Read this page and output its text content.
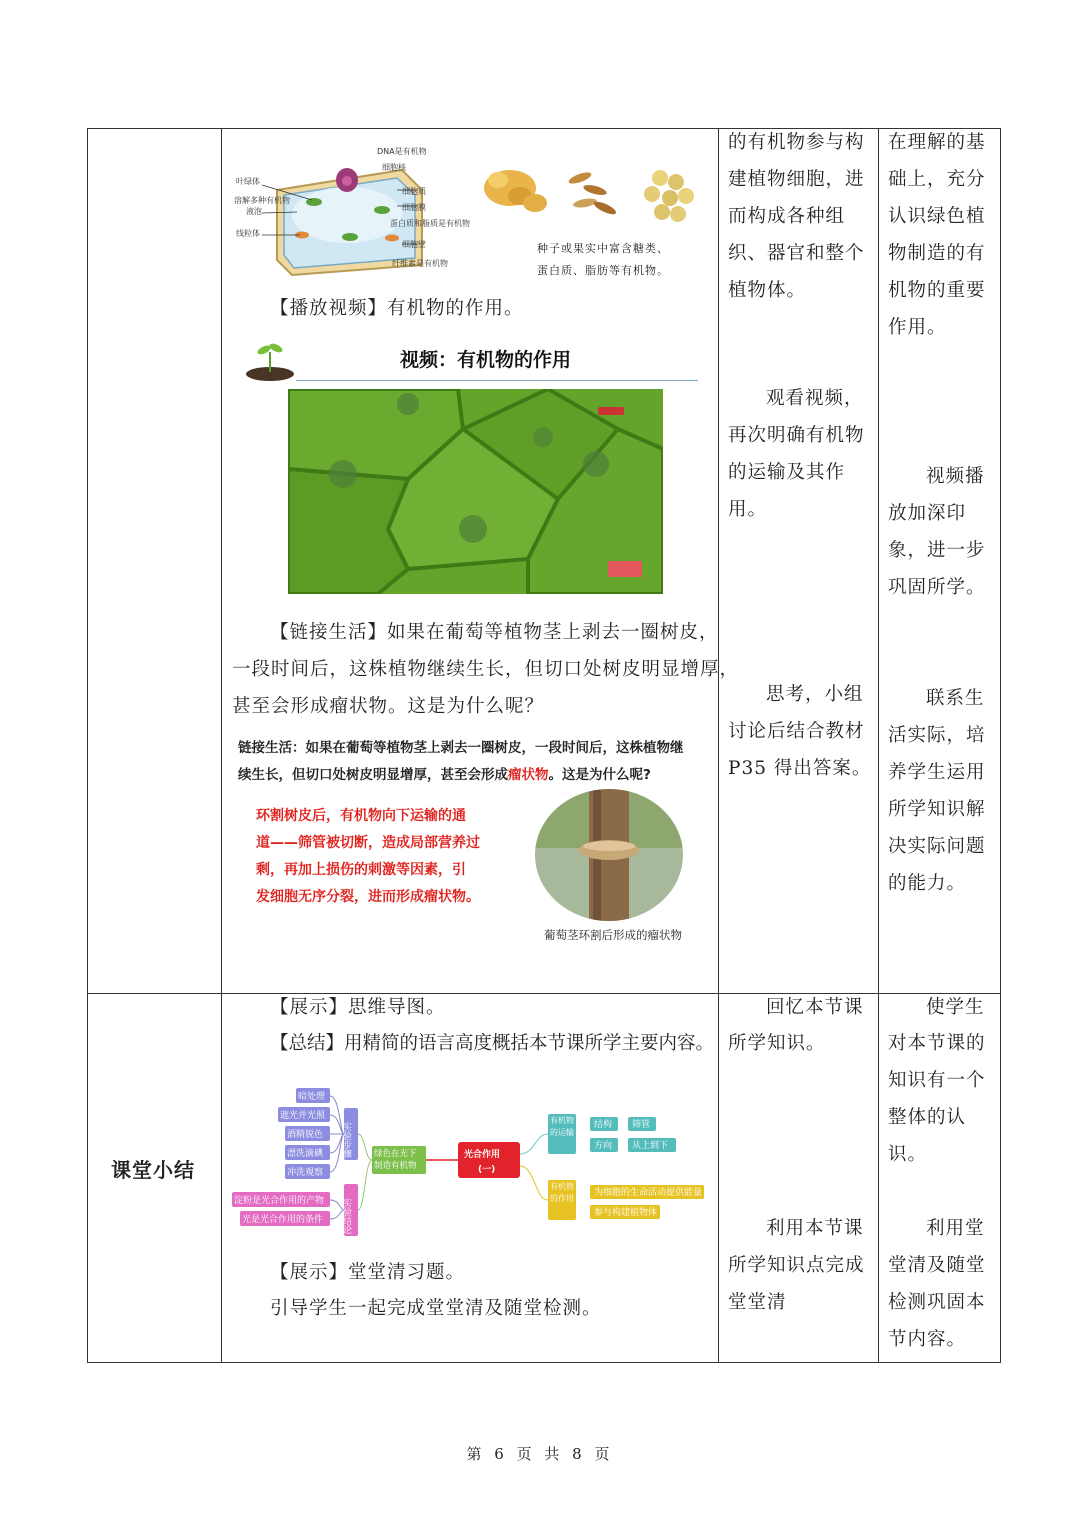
DNA是有机物
细胞核
叶绿体
溶解多种有机物
液泡
线粒体
细胞质
细胞膜
蛋白质和脂质是有机物
细胞壁
纤维素是有机物
种子或果实中富含糖类、
蛋白质、脂肪等有机物。
【播放视频】有机物的作用。
视频：有机物的作用
【链接生活】如果在葡萄等植物茎上剥去一圈树皮，
一段时间后，这株植物继续生长，但切口处树皮明显增厚，
甚至会形成瘤状物。这是为什么呢？
链接生活：如果在葡萄等植物茎上剥去一圈树皮，一段时间后，这株植物继
续生长，但切口处树皮明显增厚，甚至会形成瘤状物。这是为什么呢?
环割树皮后，有机物向下运输的通
道——筛管被切断，造成局部营养过
剩，再加上损伤的刺激等因素，引
发细胞无序分裂，进而形成瘤状物。
葡萄茎环割后形成的瘤状物
的有机物参与构
建植物细胞，进
而构成各种组
织、器官和整个
植物体。
观看视频，
再次明确有机物
的运输及其作
用。
思考，小组
讨论后结合教材
P35 得出答案。
在理解的基
础上，充分
认识绿色植
物制造的有
机物的重要
作用。
视频播
放加深印
象，进一步
巩固所学。
联系生
活实际，培
养学生运用
所学知识解
决实际问题
的能力。
课堂小结
【展示】思维导图。
【总结】用精简的语言高度概括本节课所学主要内容。
暗处理
遮光并光照
酒精脱色
漂洗滴碘
冲洗观察
实验步骤
淀粉是光合作用的产物
光是光合作用的条件 实验结论
绿色在光下制造有机物
光合作用
(一)
有机物的运输
结构 筛管
方向 从上到下
有机物的作用
为细胞的生命活动提供能量
参与构建植物体
【展示】堂堂清习题。
引导学生一起完成堂堂清及随堂检测。
回忆本节课
所学知识。
利用本节课
所学知识点完成
堂堂清
使学生
对本节课的
知识有一个
整体的认
识。
利用堂
堂清及随堂
检测巩固本
节内容。
第 6 页 共 8 页
